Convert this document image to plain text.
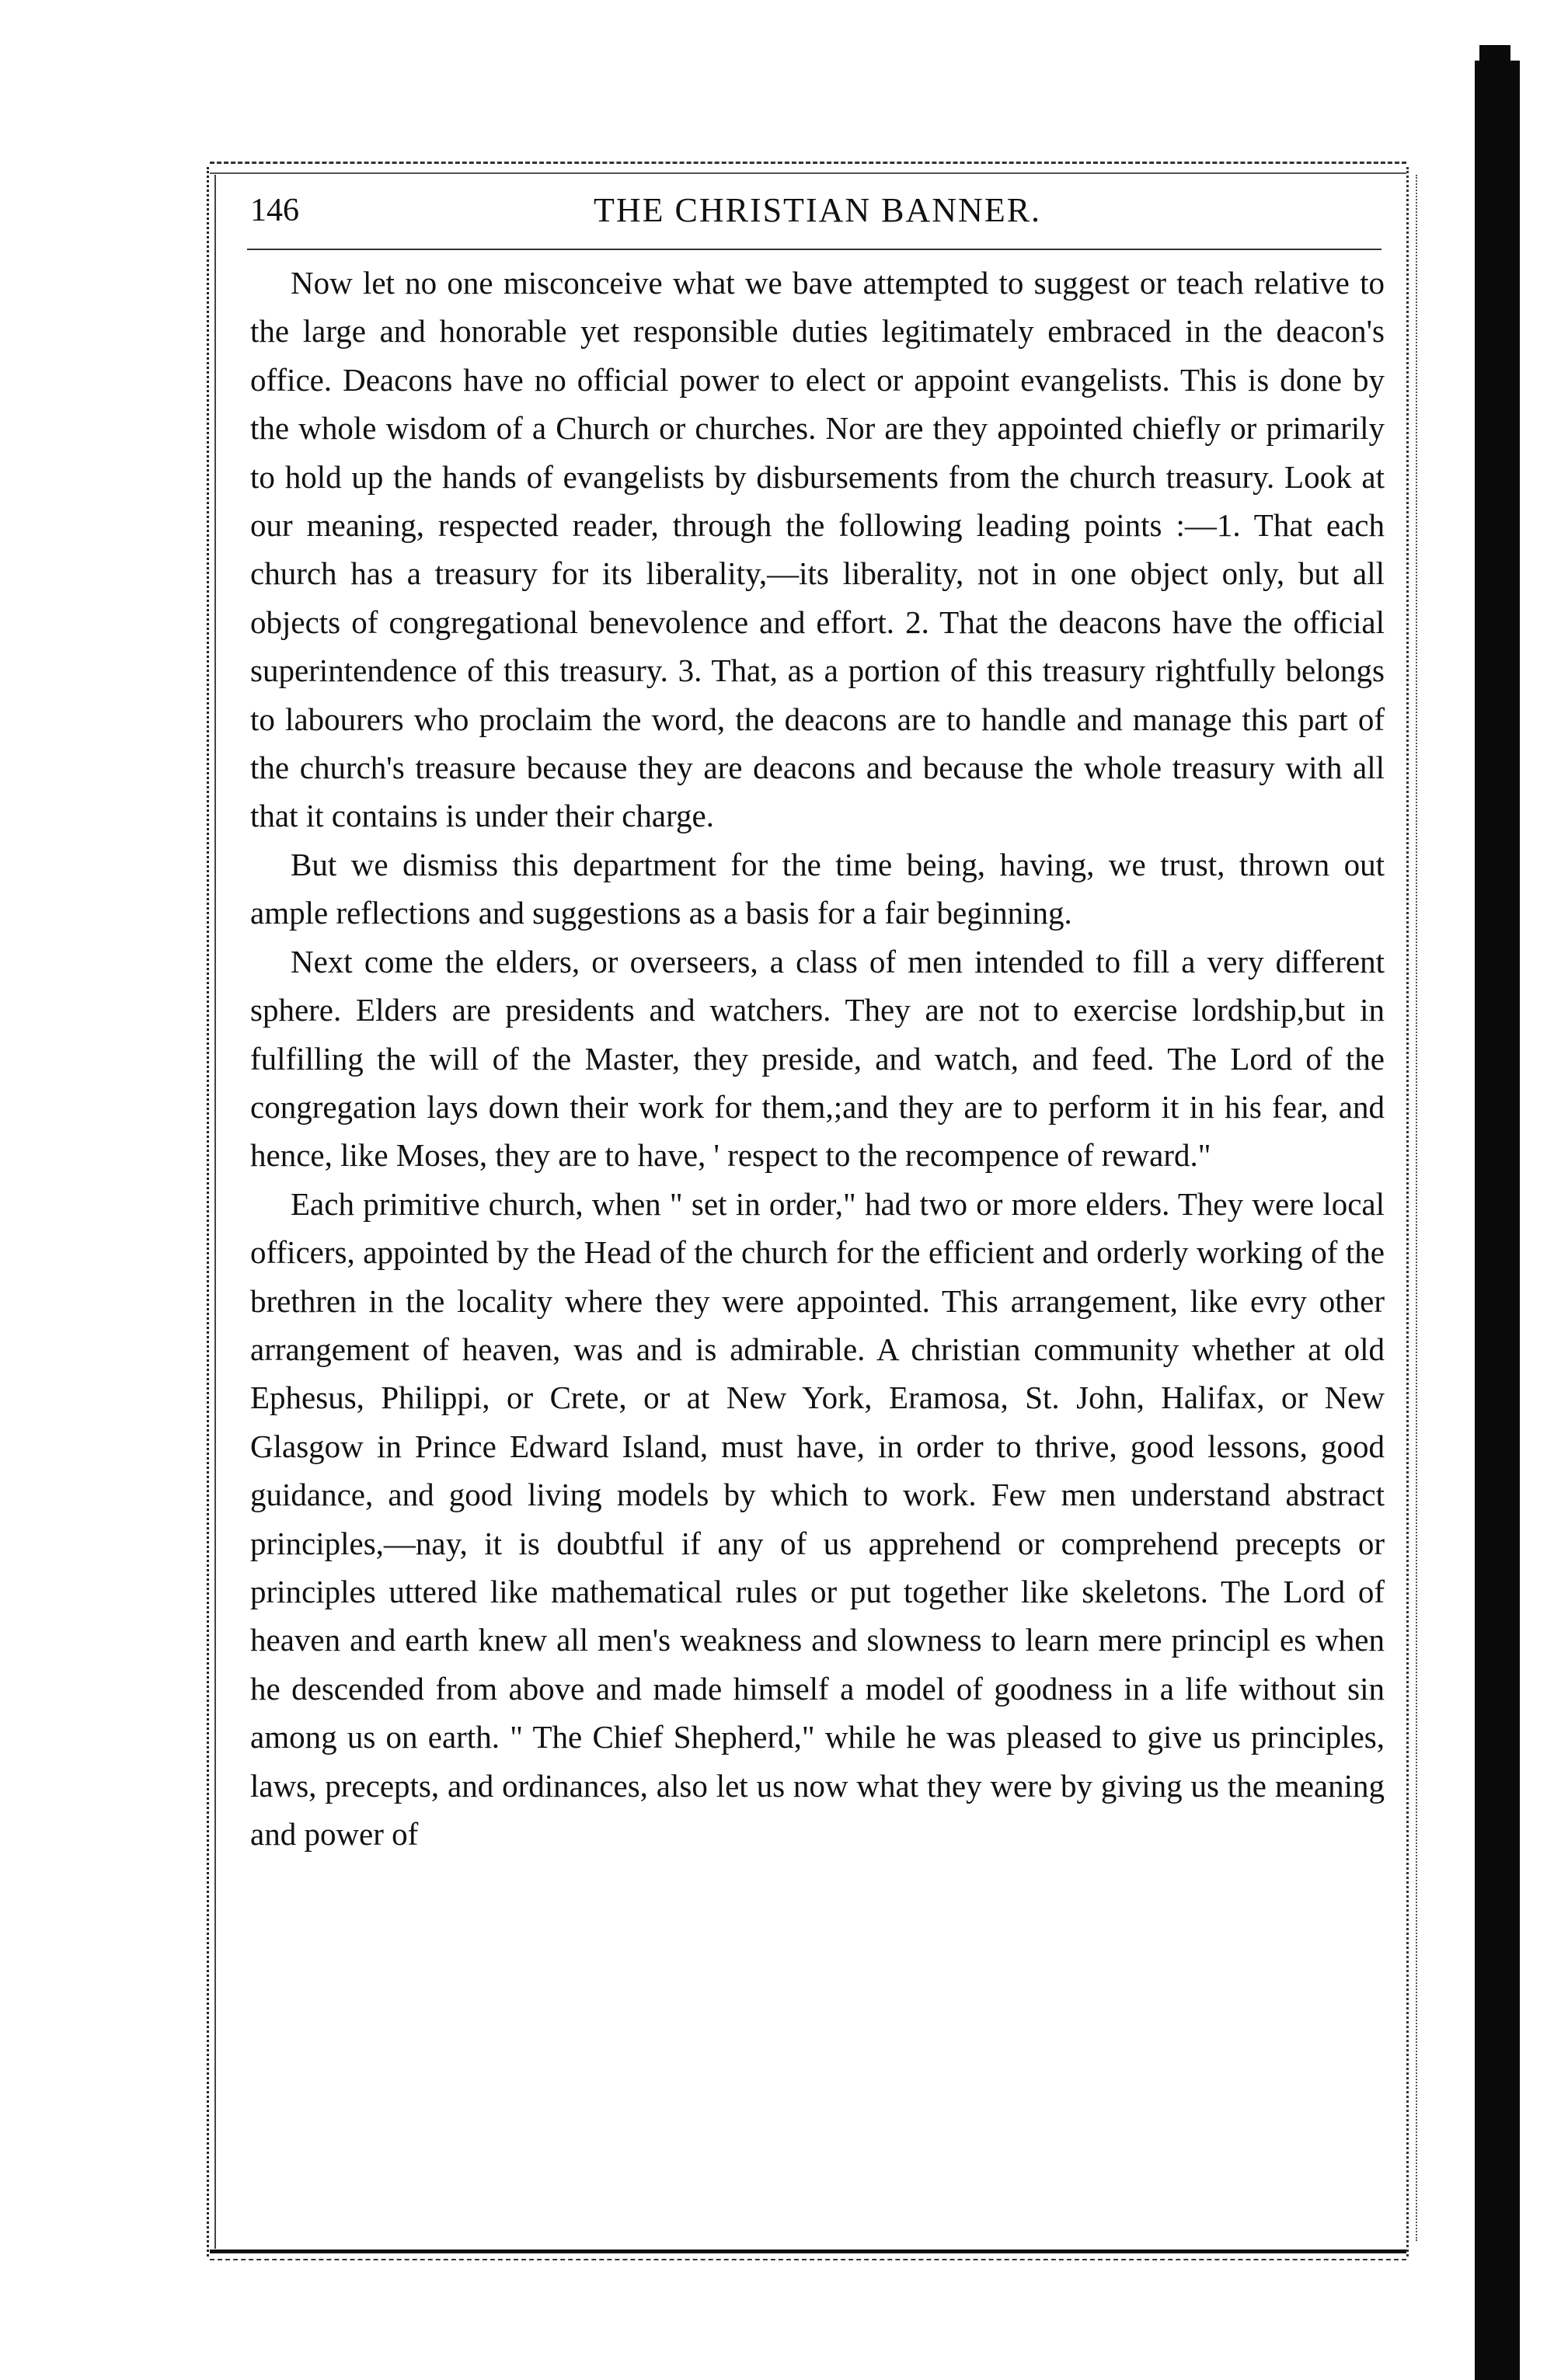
146	THE CHRISTIAN BANNER.

Now let no one misconceive what we bave attempted to suggest or teach relative to the large and honorable yet responsible duties legitimately embraced in the deacon's office. Deacons have no official power to elect or appoint evangelists. This is done by the whole wisdom of a Church or churches. Nor are they appointed chiefly or primarily to hold up the hands of evangelists by disbursements from the church treasury. Look at our meaning, respected reader, through the following leading points :—1. That each church has a treasury for its liberality,—its liberality, not in one object only, but all objects of congregational benevolence and effort. 2. That the deacons have the official superintendence of this treasury. 3. That, as a portion of this treasury rightfully belongs to labourers who proclaim the word, the deacons are to handle and manage this part of the church's treasure because they are deacons and because the whole treasury with all that it contains is under their charge.

But we dismiss this department for the time being, having, we trust, thrown out ample reflections and suggestions as a basis for a fair beginning.

Next come the elders, or overseers, a class of men intended to fill a very different sphere. Elders are presidents and watchers. They are not to exercise lordship,but in fulfilling the will of the Master, they preside, and watch, and feed. The Lord of the congregation lays down their work for them,;and they are to perform it in his fear, and hence, like Moses, they are to have, ' respect to the recompence of reward."

Each primitive church, when " set in order," had two or more elders. They were local officers, appointed by the Head of the church for the efficient and orderly working of the brethren in the locality where they were appointed. This arrangement, like evry other arrangement of heaven, was and is admirable. A christian community whether at old Ephesus, Philippi, or Crete, or at New York, Eramosa, St. John, Halifax, or New Glasgow in Prince Edward Island, must have, in order to thrive, good lessons, good guidance, and good living models by which to work. Few men understand abstract principles,—nay, it is doubtful if any of us apprehend or comprehend precepts or principles uttered like mathematical rules or put together like skeletons. The Lord of heaven and earth knew all men's weakness and slowness to learn mere principl es when he descended from above and made himself a model of goodness in a life without sin among us on earth. " The Chief Shepherd," while he was pleased to give us principles, laws, precepts, and ordinances, also let us now what they were by giving us the meaning and power of
